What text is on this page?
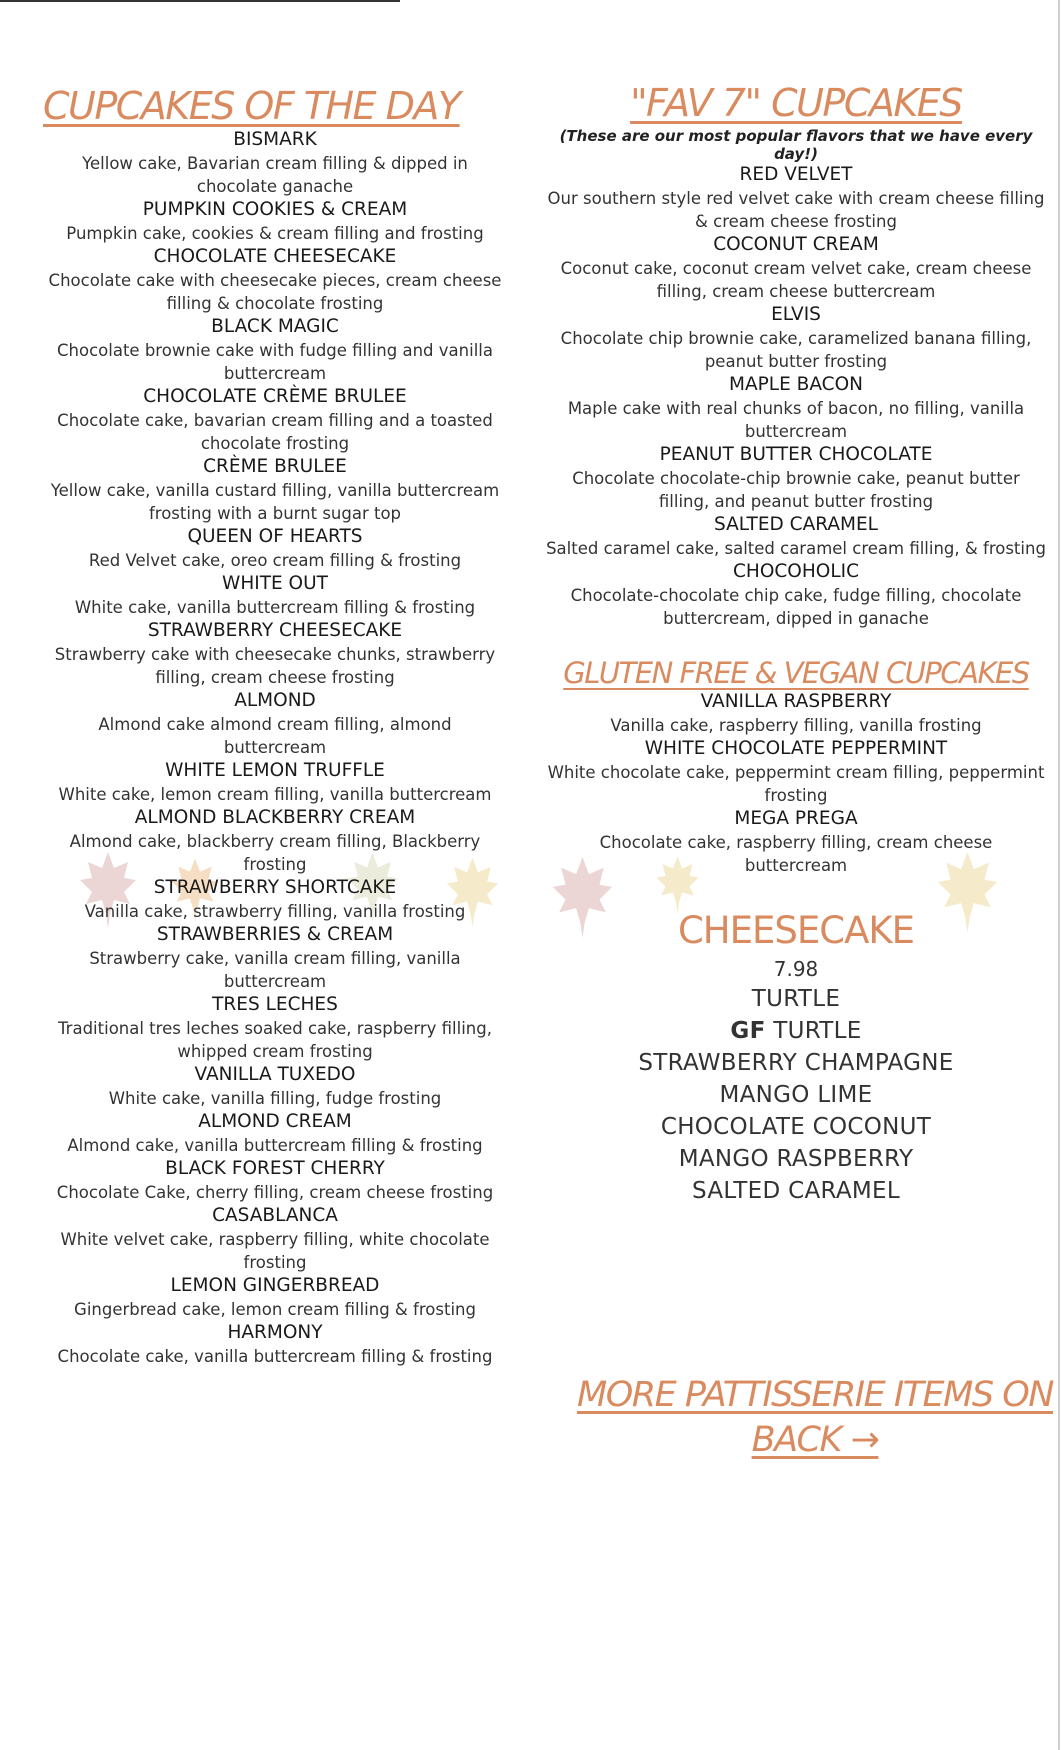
CUPCAKES OF THE DAY
BISMARK
Yellow cake, Bavarian cream filling & dipped in chocolate ganache
PUMPKIN COOKIES & CREAM
Pumpkin cake, cookies & cream filling and frosting
CHOCOLATE CHEESECAKE
Chocolate cake with cheesecake pieces, cream cheese filling & chocolate frosting
BLACK MAGIC
Chocolate brownie cake with fudge filling and vanilla buttercream
CHOCOLATE CRÈME BRULEE
Chocolate cake, bavarian cream filling and a toasted chocolate frosting
CRÈME BRULEE
Yellow cake, vanilla custard filling, vanilla buttercream frosting with a burnt sugar top
QUEEN OF HEARTS
Red Velvet cake, oreo cream filling & frosting
WHITE OUT
White cake, vanilla buttercream filling & frosting
STRAWBERRY CHEESECAKE
Strawberry cake with cheesecake chunks, strawberry filling, cream cheese frosting
ALMOND
Almond cake almond cream filling, almond buttercream
WHITE LEMON TRUFFLE
White cake, lemon cream filling, vanilla buttercream
ALMOND BLACKBERRY CREAM
Almond cake, blackberry cream filling, Blackberry frosting
STRAWBERRY SHORTCAKE
Vanilla cake, strawberry filling, vanilla frosting
STRAWBERRIES & CREAM
Strawberry cake, vanilla cream filling, vanilla buttercream
TRES LECHES
Traditional tres leches soaked cake, raspberry filling, whipped cream frosting
VANILLA TUXEDO
White cake, vanilla filling, fudge frosting
ALMOND CREAM
Almond cake, vanilla buttercream filling & frosting
BLACK FOREST CHERRY
Chocolate Cake, cherry filling, cream cheese frosting
CASABLANCA
White velvet cake, raspberry filling, white chocolate frosting
LEMON GINGERBREAD
Gingerbread cake, lemon cream filling & frosting
HARMONY
Chocolate cake, vanilla buttercream filling & frosting
"FAV 7" CUPCAKES
(These are our most popular flavors that we have every day!)
RED VELVET
Our southern style red velvet cake with cream cheese filling & cream cheese frosting
COCONUT CREAM
Coconut cake, coconut cream velvet cake, cream cheese filling, cream cheese buttercream
ELVIS
Chocolate chip brownie cake, caramelized banana filling, peanut butter frosting
MAPLE BACON
Maple cake with real chunks of bacon, no filling, vanilla buttercream
PEANUT BUTTER CHOCOLATE
Chocolate chocolate-chip brownie cake, peanut butter filling, and peanut butter frosting
SALTED CARAMEL
Salted caramel cake, salted caramel cream filling, & frosting
CHOCOHOLIC
Chocolate-chocolate chip cake, fudge filling, chocolate buttercream, dipped in ganache
GLUTEN FREE & VEGAN CUPCAKES
VANILLA RASPBERRY
Vanilla cake, raspberry filling, vanilla frosting
WHITE CHOCOLATE PEPPERMINT
White chocolate cake, peppermint cream filling, peppermint frosting
MEGA PREGA
Chocolate cake, raspberry filling, cream cheese buttercream
CHEESECAKE
7.98
TURTLE
GF TURTLE
STRAWBERRY CHAMPAGNE
MANGO LIME
CHOCOLATE COCONUT
MANGO RASPBERRY
SALTED CARAMEL
MORE PATTISSERIE ITEMS ON
BACK →
